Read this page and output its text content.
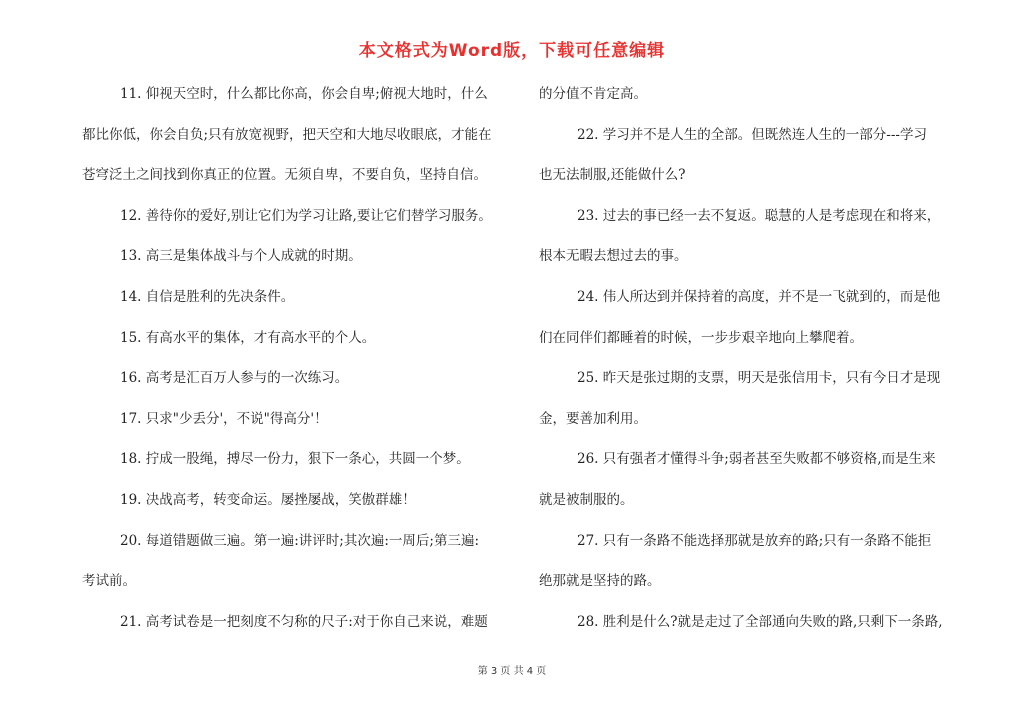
本文格式为Word版，下载可任意编辑
11. 仰视天空时，什么都比你高，你会自卑;俯视大地时，什么
都比你低，你会自负;只有放宽视野，把天空和大地尽收眼底，才能在
苍穹泛土之间找到你真正的位置。无须自卑，不要自负，坚持自信。
12. 善待你的爱好,别让它们为学习让路,要让它们替学习服务。
13. 高三是集体战斗与个人成就的时期。
14. 自信是胜利的先决条件。
15. 有高水平的集体，才有高水平的个人。
16. 高考是汇百万人参与的一次练习。
17. 只求"少丢分'，不说"得高分'！
18. 拧成一股绳，搏尽一份力，狠下一条心，共圆一个梦。
19. 决战高考，转变命运。屡挫屡战，笑傲群雄！
20. 每道错题做三遍。第一遍:讲评时;其次遍:一周后;第三遍:
考试前。
21. 高考试卷是一把刻度不匀称的尺子:对于你自己来说，难题
的分值不肯定高。
22. 学习并不是人生的全部。但既然连人生的一部分---学习
也无法制服,还能做什么?
23. 过去的事已经一去不复返。聪慧的人是考虑现在和将来，
根本无暇去想过去的事。
24. 伟人所达到并保持着的高度，并不是一飞就到的，而是他
们在同伴们都睡着的时候，一步步艰辛地向上攀爬着。
25. 昨天是张过期的支票，明天是张信用卡，只有今日才是现
金，要善加利用。
26. 只有强者才懂得斗争;弱者甚至失败都不够资格,而是生来
就是被制服的。
27. 只有一条路不能选择那就是放弃的路;只有一条路不能拒
绝那就是坚持的路。
28. 胜利是什么?就是走过了全部通向失败的路,只剩下一条路,
第 3 页 共 4 页
